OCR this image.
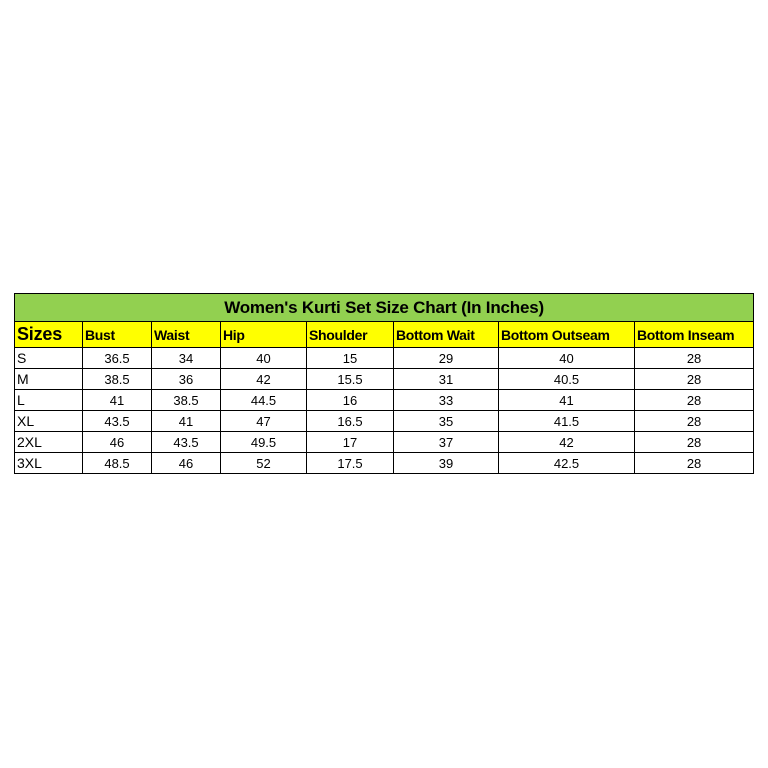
Women's Kurti Set Size Chart (In Inches)							
Sizes	Bust	Waist	Hip	Shoulder	Bottom Wait	Bottom Outseam	Bottom Inseam
S	36.5	34	40	15	29	40	28
M	38.5	36	42	15.5	31	40.5	28
L	41	38.5	44.5	16	33	41	28
XL	43.5	41	47	16.5	35	41.5	28
2XL	46	43.5	49.5	17	37	42	28
3XL	48.5	46	52	17.5	39	42.5	28
